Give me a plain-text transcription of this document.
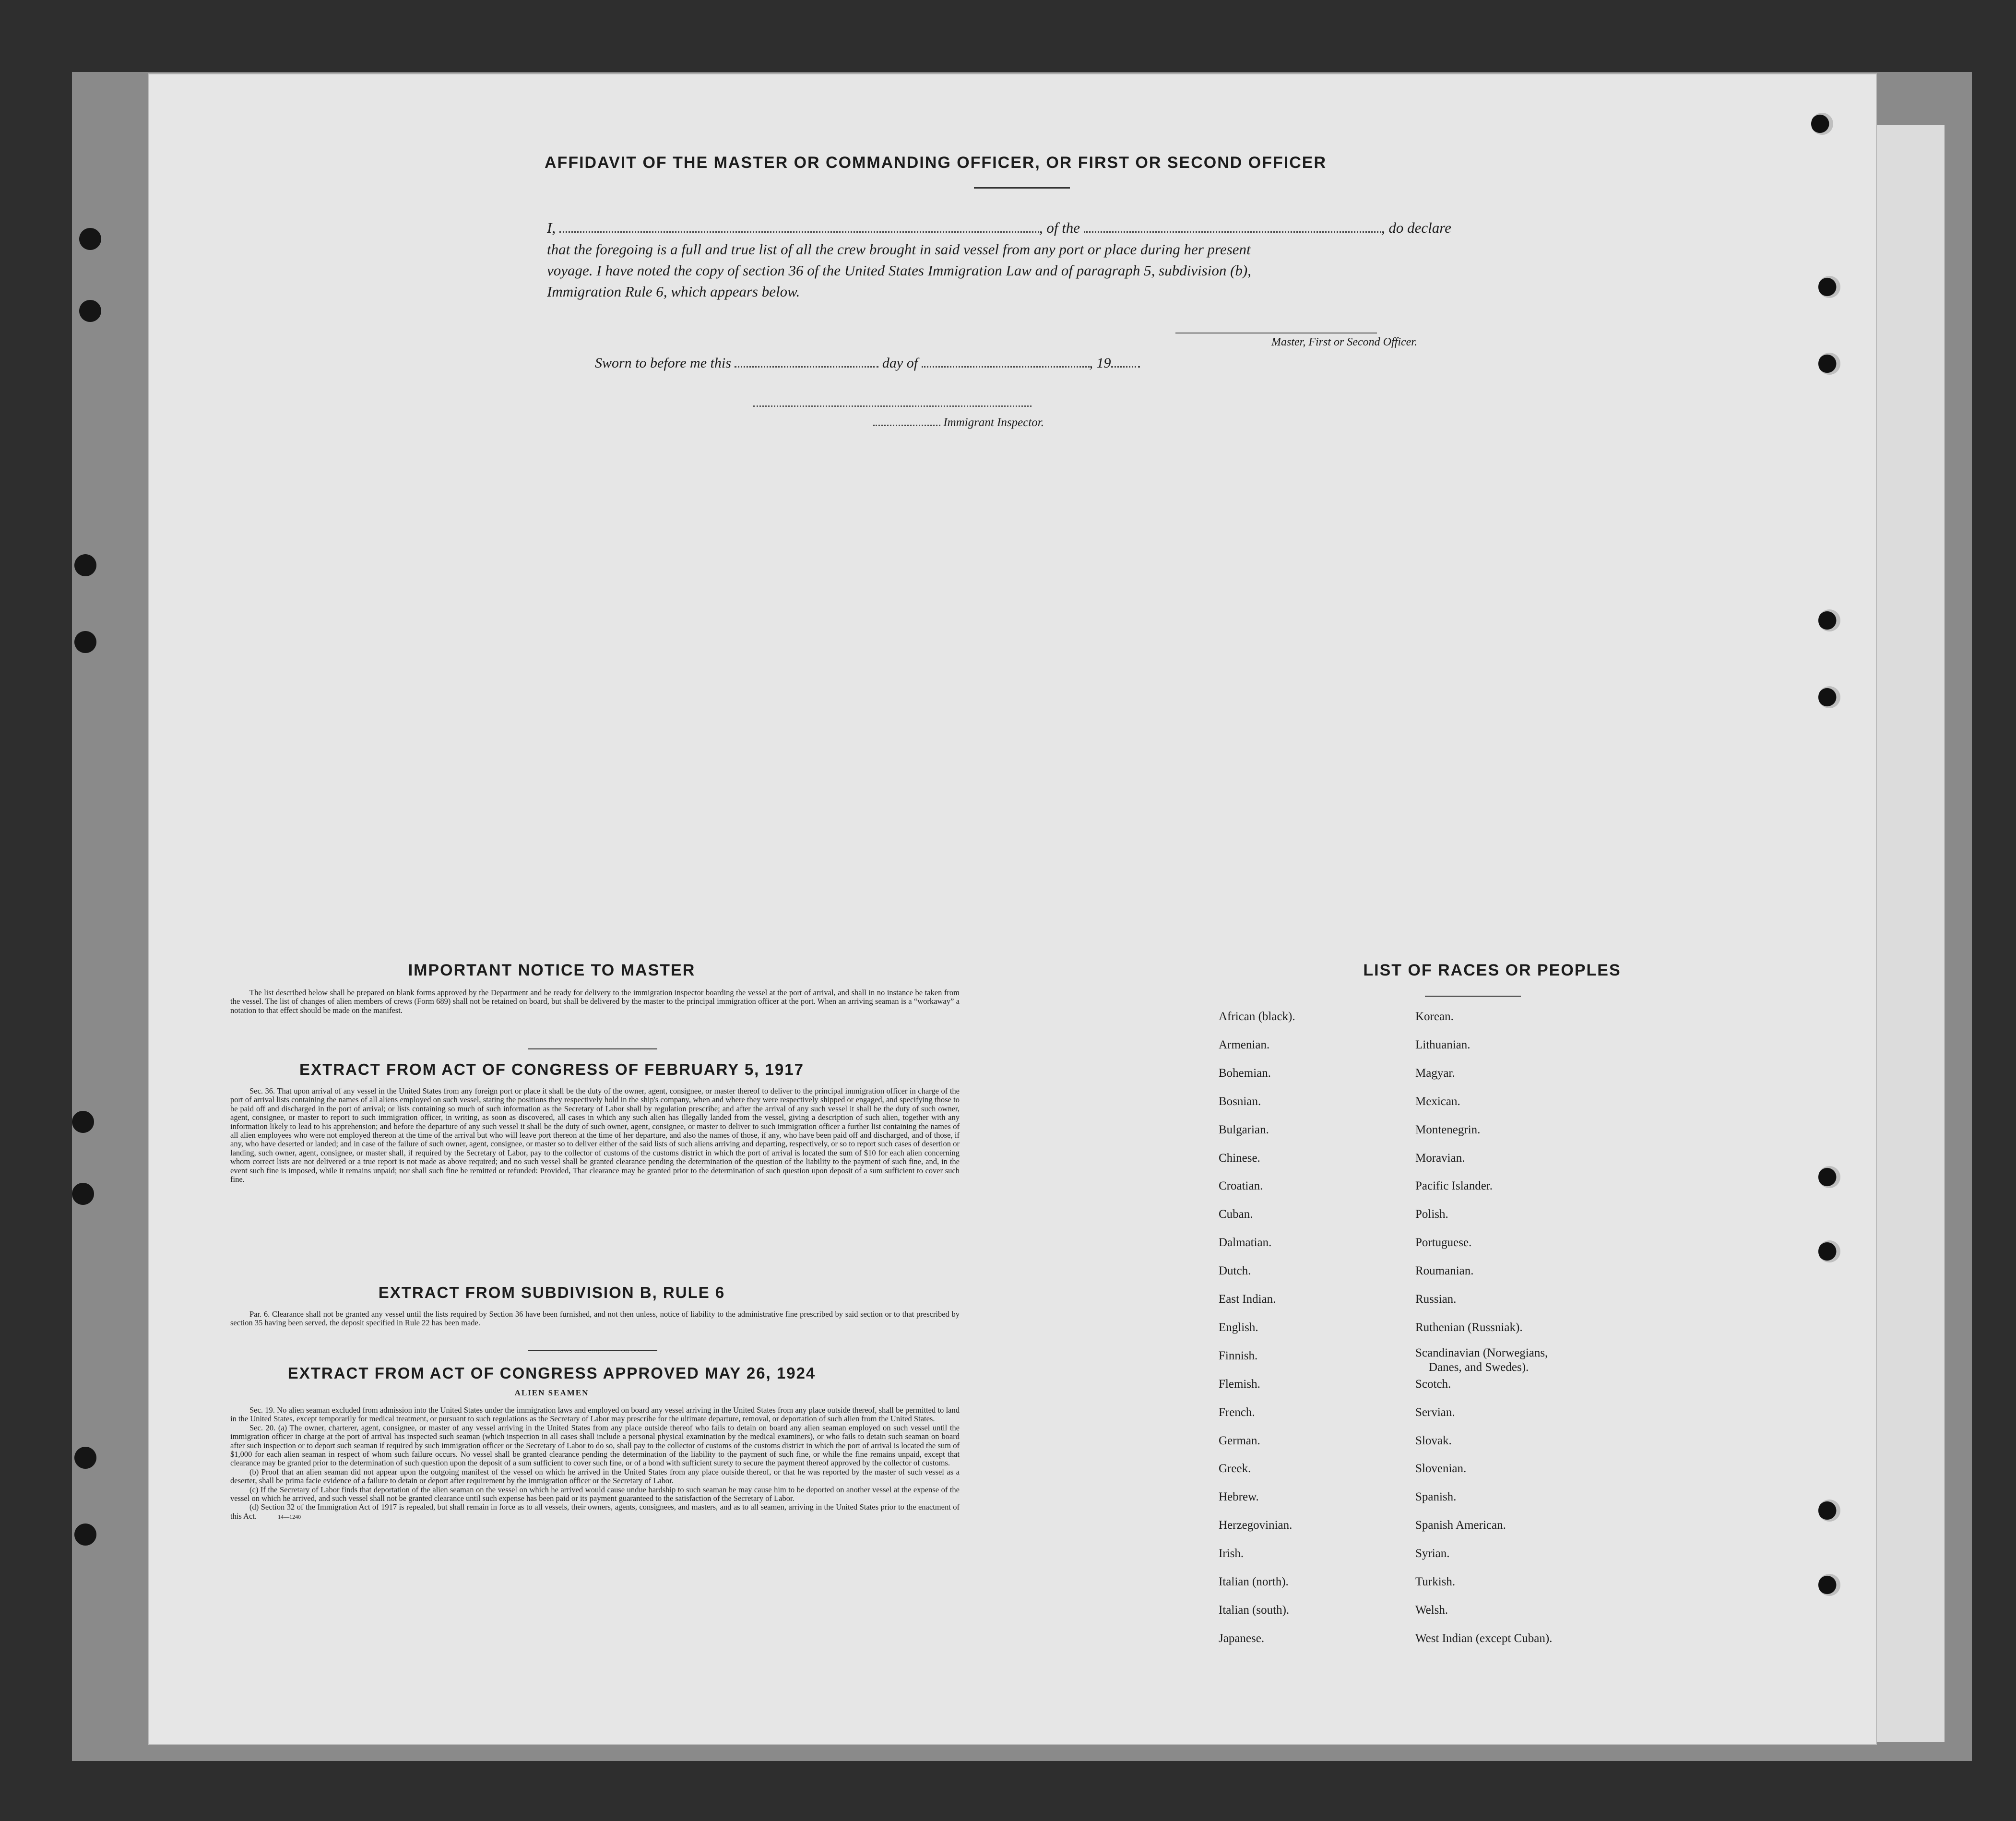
AFFIDAVIT OF THE MASTER OR COMMANDING OFFICER, OR FIRST OR SECOND OFFICER
I,	, of the	, do declare
that the foregoing is a full and true list of all the crew brought in said vessel from any port or place during her present
voyage. I have noted the copy of section 36 of the United States Immigration Law and of paragraph 5, subdivision (b),
Immigration Rule 6, which appears below.
Master, First or Second Officer.
Sworn to before me this	day of	, 19
Immigrant Inspector.
IMPORTANT NOTICE TO MASTER

The list described below shall be prepared on blank forms approved by the Department and be ready for delivery to the immigration inspector boarding the vessel at the port of arrival, and shall in no instance be taken from the vessel. The list of changes of alien members of crews (Form 689) shall not be retained on board, but shall be delivered by the master to the principal immigration officer at the port. When an arriving seaman is a “workaway” a notation to that effect should be made on the manifest.

EXTRACT FROM ACT OF CONGRESS OF FEBRUARY 5, 1917

Sec. 36. That upon arrival of any vessel in the United States from any foreign port or place it shall be the duty of the owner, agent, consignee, or master thereof to deliver to the principal immigration officer in charge of the port of arrival lists containing the names of all aliens employed on such vessel, stating the positions they respectively hold in the ship's company, when and where they were respectively shipped or engaged, and specifying those to be paid off and discharged in the port of arrival; or lists containing so much of such information as the Secretary of Labor shall by regulation prescribe; and after the arrival of any such vessel it shall be the duty of such owner, agent, consignee, or master to report to such immigration officer, in writing, as soon as discovered, all cases in which any such alien has illegally landed from the vessel, giving a description of such alien, together with any information likely to lead to his apprehension; and before the departure of any such vessel it shall be the duty of such owner, agent, consignee, or master to deliver to such immigration officer a further list containing the names of all alien employees who were not employed thereon at the time of the arrival but who will leave port thereon at the time of her departure, and also the names of those, if any, who have been paid off and discharged, and of those, if any, who have deserted or landed; and in case of the failure of such owner, agent, consignee, or master so to deliver either of the said lists of such aliens arriving and departing, respectively, or so to report such cases of desertion or landing, such owner, agent, consignee, or master shall, if required by the Secretary of Labor, pay to the collector of customs of the customs district in which the port of arrival is located the sum of $10 for each alien concerning whom correct lists are not delivered or a true report is not made as above required; and no such vessel shall be granted clearance pending the determination of the question of the liability to the payment of such fine, and, in the event such fine is imposed, while it remains unpaid; nor shall such fine be remitted or refunded: Provided, That clearance may be granted prior to the determination of such question upon deposit of a sum sufficient to cover such fine.

EXTRACT FROM SUBDIVISION B, RULE 6

Par. 6. Clearance shall not be granted any vessel until the lists required by Section 36 have been furnished, and not then unless, notice of liability to the administrative fine prescribed by said section or to that prescribed by section 35 having been served, the deposit specified in Rule 22 has been made.

EXTRACT FROM ACT OF CONGRESS APPROVED MAY 26, 1924
ALIEN SEAMEN

Sec. 19. No alien seaman excluded from admission into the United States under the immigration laws and employed on board any vessel arriving in the United States from any place outside thereof, shall be permitted to land in the United States, except temporarily for medical treatment, or pursuant to such regulations as the Secretary of Labor may prescribe for the ultimate departure, removal, or deportation of such alien from the United States.

Sec. 20. (a) The owner, charterer, agent, consignee, or master of any vessel arriving in the United States from any place outside thereof who fails to detain on board any alien seaman employed on such vessel until the immigration officer in charge at the port of arrival has inspected such seaman (which inspection in all cases shall include a personal physical examination by the medical examiners), or who fails to detain such seaman on board after such inspection or to deport such seaman if required by such immigration officer or the Secretary of Labor to do so, shall pay to the collector of customs of the customs district in which the port of arrival is located the sum of $1,000 for each alien seaman in respect of whom such failure occurs. No vessel shall be granted clearance pending the determination of the liability to the payment of such fine, or while the fine remains unpaid, except that clearance may be granted prior to the determination of such question upon the deposit of a sum sufficient to cover such fine, or of a bond with sufficient surety to secure the payment thereof approved by the collector of customs.

(b) Proof that an alien seaman did not appear upon the outgoing manifest of the vessel on which he arrived in the United States from any place outside thereof, or that he was reported by the master of such vessel as a deserter, shall be prima facie evidence of a failure to detain or deport after requirement by the immigration officer or the Secretary of Labor.

(c) If the Secretary of Labor finds that deportation of the alien seaman on the vessel on which he arrived would cause undue hardship to such seaman he may cause him to be deported on another vessel at the expense of the vessel on which he arrived, and such vessel shall not be granted clearance until such expense has been paid or its payment guaranteed to the satisfaction of the Secretary of Labor.

(d) Section 32 of the Immigration Act of 1917 is repealed, but shall remain in force as to all vessels, their owners, agents, consignees, and masters, and as to all seamen, arriving in the United States prior to the enactment of this Act.	14—1240

LIST OF RACES OR PEOPLES
African (black).
Armenian.
Bohemian.
Bosnian.
Bulgarian.
Chinese.
Croatian.
Cuban.
Dalmatian.
Dutch.
East Indian.
English.
Finnish.
Flemish.
French.
German.
Greek.
Hebrew.
Herzegovinian.
Irish.
Italian (north).
Italian (south).
Japanese.
Korean.
Lithuanian.
Magyar.
Mexican.
Montenegrin.
Moravian.
Pacific Islander.
Polish.
Portuguese.
Roumanian.
Russian.
Ruthenian (Russniak).
Scandinavian (Norwegians,
Danes, and Swedes).
Scotch.
Servian.
Slovak.
Slovenian.
Spanish.
Spanish American.
Syrian.
Turkish.
Welsh.
West Indian (except Cuban).
